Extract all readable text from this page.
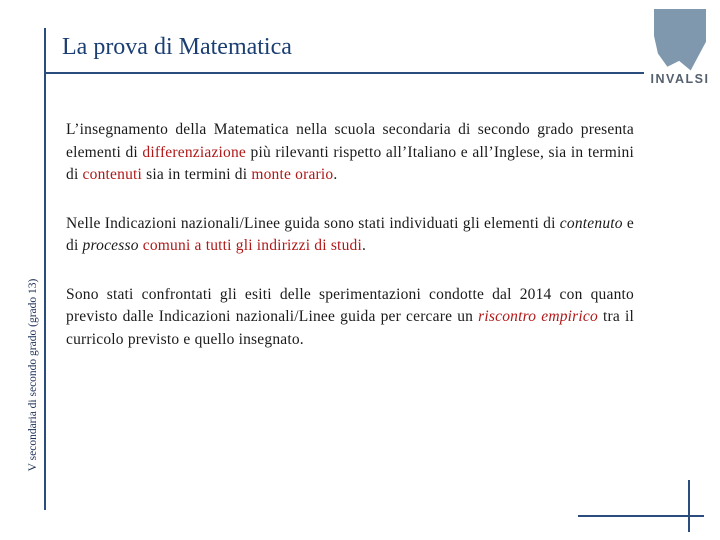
La prova di Matematica
V secondaria di secondo grado (grado 13)
INVALSI

L’insegnamento della Matematica nella scuola secondaria di secondo grado presenta elementi di differenziazione più rilevanti rispetto all’Italiano e all’Inglese, sia in termini di contenuti sia in termini di monte orario.

Nelle Indicazioni nazionali/Linee guida sono stati individuati gli elementi di contenuto e di processo comuni a tutti gli indirizzi di studi.

Sono stati confrontati gli esiti delle sperimentazioni condotte dal 2014 con quanto previsto dalle Indicazioni nazionali/Linee guida per cercare un riscontro empirico tra il curricolo previsto e quello insegnato.
